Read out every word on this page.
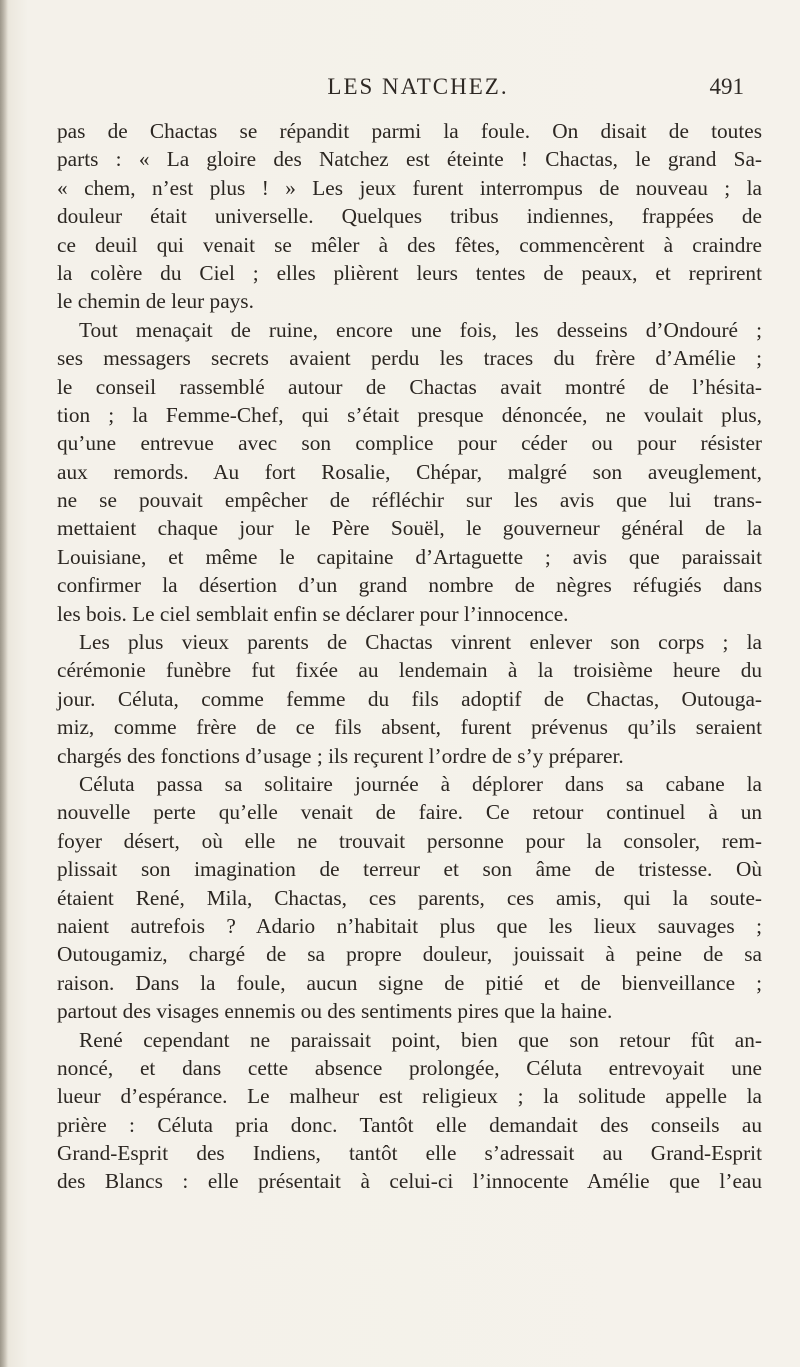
LES NATCHEZ.	491
pas de Chactas se répandit parmi la foule. On disait de toutes
parts : « La gloire des Natchez est éteinte ! Chactas, le grand Sa-
« chem, n’est plus ! » Les jeux furent interrompus de nouveau ; la
douleur était universelle. Quelques tribus indiennes, frappées de
ce deuil qui venait se mêler à des fêtes, commencèrent à craindre
la colère du Ciel ; elles plièrent leurs tentes de peaux, et reprirent
le chemin de leur pays.
Tout menaçait de ruine, encore une fois, les desseins d’Ondouré ;
ses messagers secrets avaient perdu les traces du frère d’Amélie ;
le conseil rassemblé autour de Chactas avait montré de l’hésita-
tion ; la Femme-Chef, qui s’était presque dénoncée, ne voulait plus,
qu’une entrevue avec son complice pour céder ou pour résister
aux remords. Au fort Rosalie, Chépar, malgré son aveuglement,
ne se pouvait empêcher de réfléchir sur les avis que lui trans-
mettaient chaque jour le Père Souël, le gouverneur général de la
Louisiane, et même le capitaine d’Artaguette ; avis que paraissait
confirmer la désertion d’un grand nombre de nègres réfugiés dans
les bois. Le ciel semblait enfin se déclarer pour l’innocence.
Les plus vieux parents de Chactas vinrent enlever son corps ; la
cérémonie funèbre fut fixée au lendemain à la troisième heure du
jour. Céluta, comme femme du fils adoptif de Chactas, Outouga-
miz, comme frère de ce fils absent, furent prévenus qu’ils seraient
chargés des fonctions d’usage ; ils reçurent l’ordre de s’y préparer.
Céluta passa sa solitaire journée à déplorer dans sa cabane la
nouvelle perte qu’elle venait de faire. Ce retour continuel à un
foyer désert, où elle ne trouvait personne pour la consoler, rem-
plissait son imagination de terreur et son âme de tristesse. Où
étaient René, Mila, Chactas, ces parents, ces amis, qui la soute-
naient autrefois ? Adario n’habitait plus que les lieux sauvages ;
Outougamiz, chargé de sa propre douleur, jouissait à peine de sa
raison. Dans la foule, aucun signe de pitié et de bienveillance ;
partout des visages ennemis ou des sentiments pires que la haine.
René cependant ne paraissait point, bien que son retour fût an-
noncé, et dans cette absence prolongée, Céluta entrevoyait une
lueur d’espérance. Le malheur est religieux ; la solitude appelle la
prière : Céluta pria donc. Tantôt elle demandait des conseils au
Grand-Esprit des Indiens, tantôt elle s’adressait au Grand-Esprit
des Blancs : elle présentait à celui-ci l’innocente Amélie que l’eau
